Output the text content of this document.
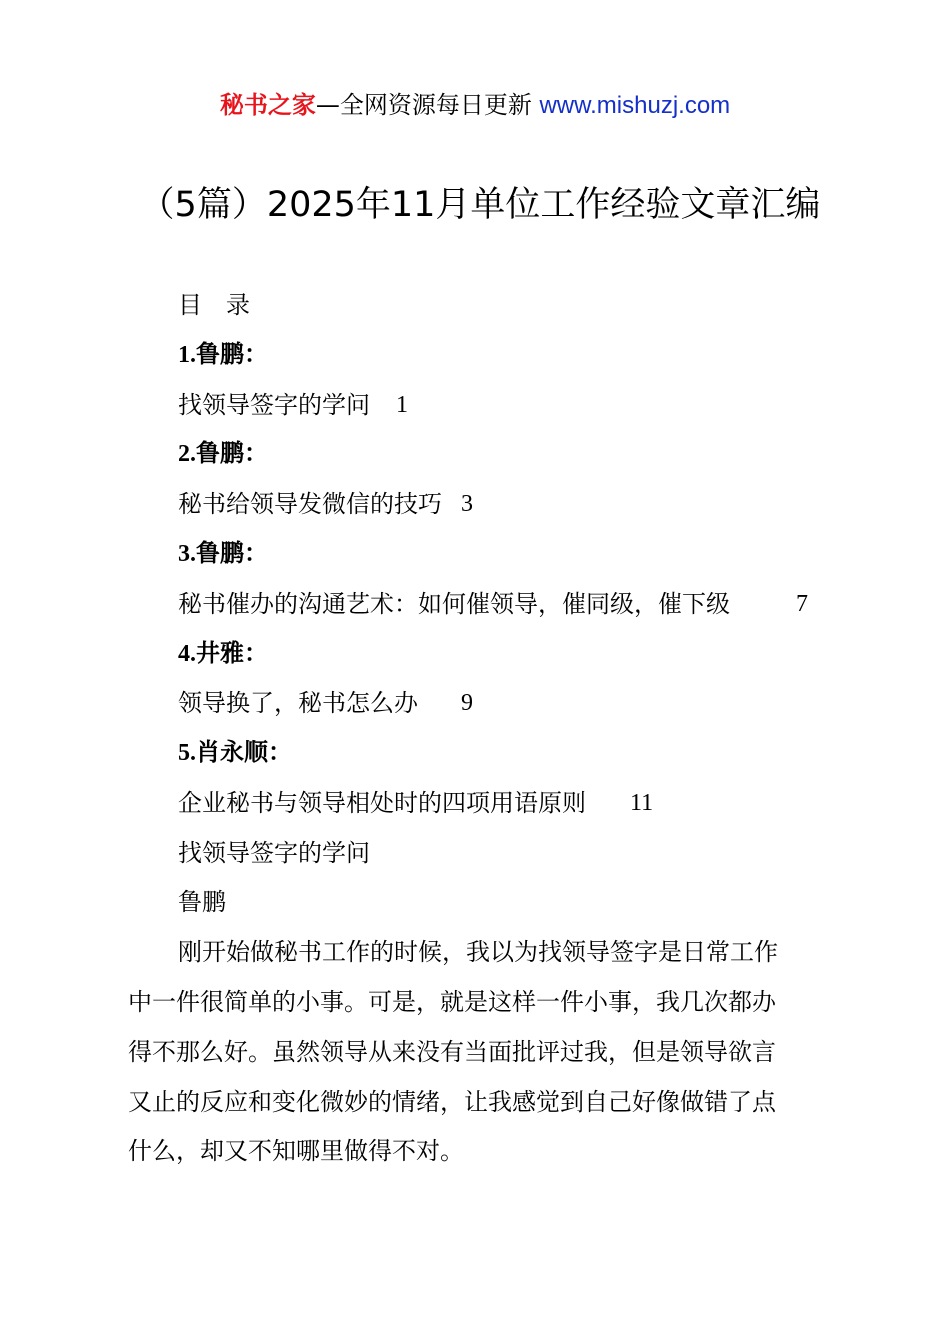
秘书之家—全网资源每日更新 www.mishuzj.com
（5篇）2025年11月单位工作经验文章汇编
目　录
1.鲁鹏：
找领导签字的学问 1
2.鲁鹏：
秘书给领导发微信的技巧 3
3.鲁鹏：
秘书催办的沟通艺术：如何催领导，催同级，催下级	7
4.井雅：
领导换了，秘书怎么办 9
5.肖永顺：
企业秘书与领导相处时的四项用语原则 11
找领导签字的学问
鲁鹏
刚开始做秘书工作的时候，我以为找领导签字是日常工作
中一件很简单的小事。可是，就是这样一件小事，我几次都办
得不那么好。虽然领导从来没有当面批评过我，但是领导欲言
又止的反应和变化微妙的情绪，让我感觉到自己好像做错了点
什么，却又不知哪里做得不对。
